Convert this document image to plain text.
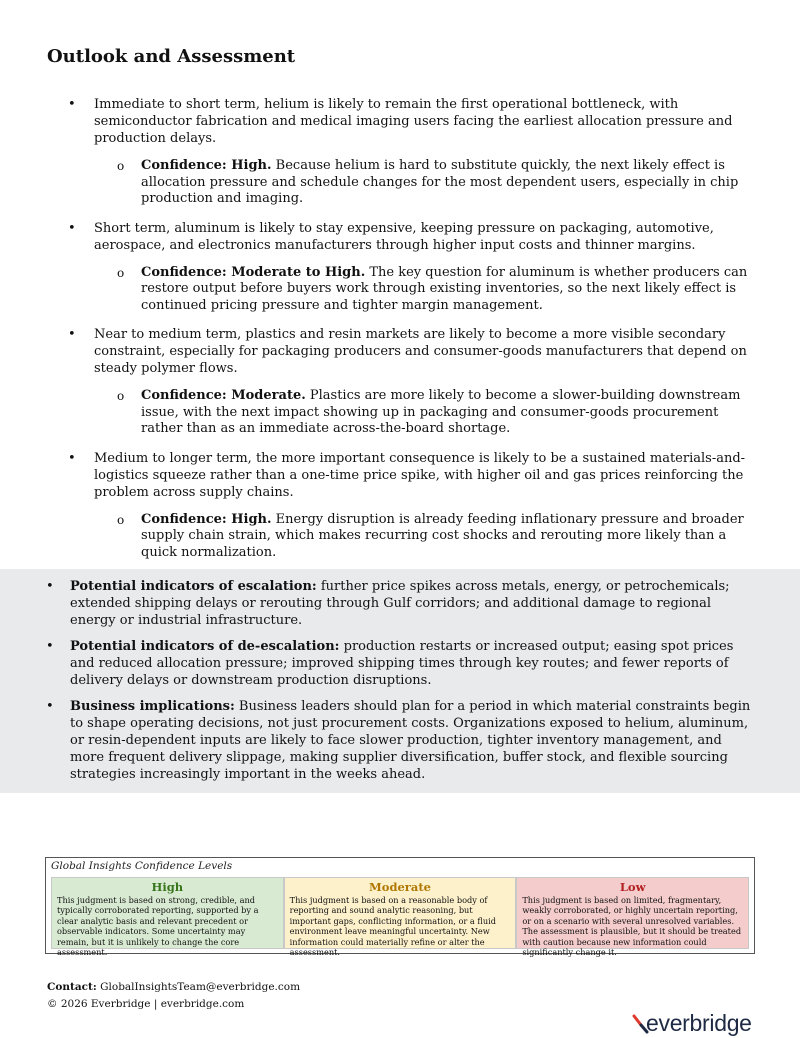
Outlook and Assessment
• Immediate to short term, helium is likely to remain the first operational bottleneck, with semiconductor fabrication and medical imaging users facing the earliest allocation pressure and production delays.
o Confidence: High. Because helium is hard to substitute quickly, the next likely effect is allocation pressure and schedule changes for the most dependent users, especially in chip production and imaging.
• Short term, aluminum is likely to stay expensive, keeping pressure on packaging, automotive, aerospace, and electronics manufacturers through higher input costs and thinner margins.
o Confidence: Moderate to High. The key question for aluminum is whether producers can restore output before buyers work through existing inventories, so the next likely effect is continued pricing pressure and tighter margin management.
• Near to medium term, plastics and resin markets are likely to become a more visible secondary constraint, especially for packaging producers and consumer-goods manufacturers that depend on steady polymer flows.
o Confidence: Moderate. Plastics are more likely to become a slower-building downstream issue, with the next impact showing up in packaging and consumer-goods procurement rather than as an immediate across-the-board shortage.
• Medium to longer term, the more important consequence is likely to be a sustained materials-and-logistics squeeze rather than a one-time price spike, with higher oil and gas prices reinforcing the problem across supply chains.
o Confidence: High. Energy disruption is already feeding inflationary pressure and broader supply chain strain, which makes recurring cost shocks and rerouting more likely than a quick normalization.
• Potential indicators of escalation: further price spikes across metals, energy, or petrochemicals; extended shipping delays or rerouting through Gulf corridors; and additional damage to regional energy or industrial infrastructure.
• Potential indicators of de-escalation: production restarts or increased output; easing spot prices and reduced allocation pressure; improved shipping times through key routes; and fewer reports of delivery delays or downstream production disruptions.
• Business implications: Business leaders should plan for a period in which material constraints begin to shape operating decisions, not just procurement costs. Organizations exposed to helium, aluminum, or resin-dependent inputs are likely to face slower production, tighter inventory management, and more frequent delivery slippage, making supplier diversification, buffer stock, and flexible sourcing strategies increasingly important in the weeks ahead.
Global Insights Confidence Levels
High
This judgment is based on strong, credible, and typically corroborated reporting, supported by a clear analytic basis and relevant precedent or observable indicators. Some uncertainty may remain, but it is unlikely to change the core assessment.
Moderate
This judgment is based on a reasonable body of reporting and sound analytic reasoning, but important gaps, conflicting information, or a fluid environment leave meaningful uncertainty. New information could materially refine or alter the assessment.
Low
This judgment is based on limited, fragmentary, weakly corroborated, or highly uncertain reporting, or on a scenario with several unresolved variables. The assessment is plausible, but it should be treated with caution because new information could significantly change it.
Contact: GlobalInsightsTeam@everbridge.com
© 2026 Everbridge | everbridge.com
everbridge
